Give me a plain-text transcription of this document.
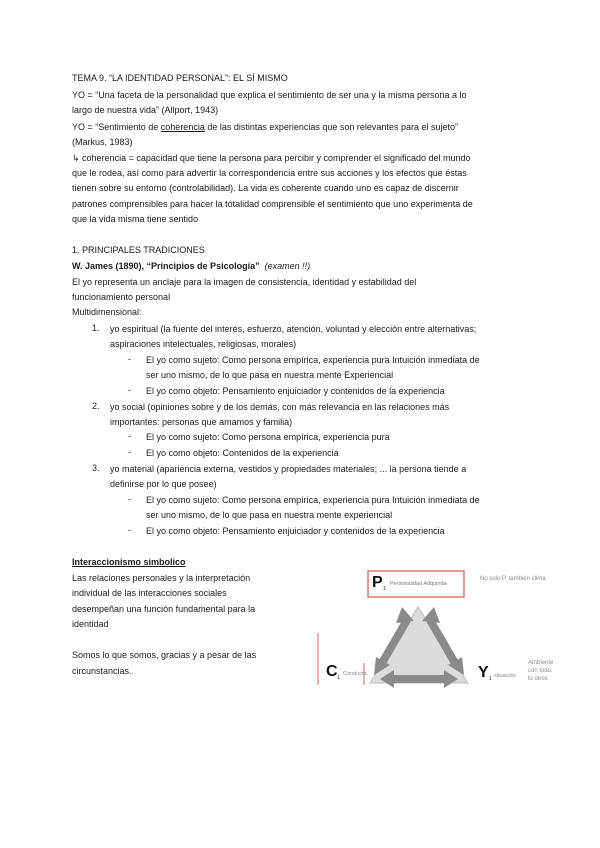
TEMA 9. “LA IDENTIDAD PERSONAL”: EL SÍ MISMO
YO = “Una faceta de la personalidad que explica el sentimiento de ser una y la misma persona a lo
largo de nuestra vida” (Allport, 1943)
YO = “Sentimiento de coherencia de las distintas experiencias que son relevantes para el sujeto”
(Markus, 1983)
↳ coherencia = capacidad que tiene la persona para percibir y comprender el significado del mundo
que le rodea, así como para advertir la correspondencia entre sus acciones y los efectos que éstas
tienen sobre su entorno (controlabilidad). La vida es coherente cuando uno es capaz de discernir
patrones comprensibles para hacer la totalidad comprensible el sentimiento que uno experimenta de
que la vida misma tiene sentido
1. PRINCIPALES TRADICIONES
W. James (1890), “Principios de Psicología” (examen !!)
El yo representa un anclaje para la imagen de consistencia, identidad y estabilidad del
funcionamiento personal
Multidimensional:
1. yo espiritual (la fuente del interés, esfuerzo, atención, voluntad y elección entre alternativas;
aspiraciones intelectuales, religiosas, morales)
- El yo como sujeto: Como persona empírica, experiencia pura Intuición inmediata de
ser uno mismo, de lo que pasa en nuestra mente Experiencial
- El yo como objeto: Pensamiento enjuiciador y contenidos de la experiencia
2. yo social (opiniones sobre y de los demás, con más relevancia en las relaciones más
importantes: personas que amamos y familia)
- El yo como sujeto: Como persona empírica, experiencia pura
- El yo como objeto: Contenidos de la experiencia
3. yo material (apariencia externa, vestidos y propiedades materiales; ... la persona tiende a
definirse por lo que posee)
- El yo como sujeto: Como persona empírica, experiencia pura Intuición inmediata de
ser uno mismo, de lo que pasa en nuestra mente experiencial
- El yo como objeto: Pensamiento enjuiciador y contenidos de la experiencia
Interaccionismo simbolico
Las relaciones personales y la interpretación
individual de las interacciones sociales
desempeñan una función fundamental para la
identidad
Somos lo que somos, gracias y a pesar de las
circunstancias.
P 1
Personalidad Adquirida
No solo P, también clima
C 1
Conducta	Y 1 situación
Ambiente
con todo,
lo otros
